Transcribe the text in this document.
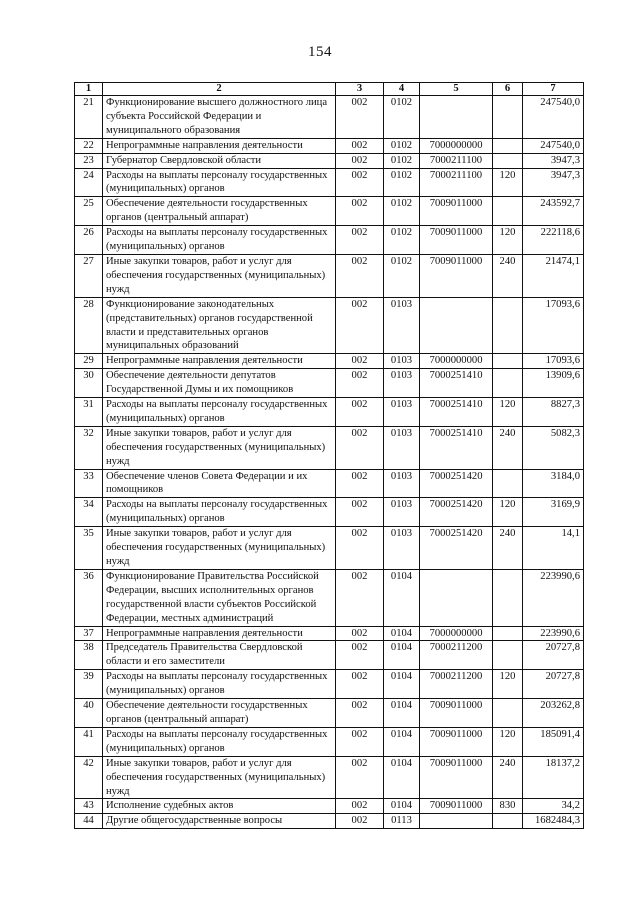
154
1	2	3	4	5	6	7
21	Функционирование высшего должностного лица субъекта Российской Федерации и муниципального образования	002	0102			247540,0
22	Непрограммные направления деятельности	002	0102	7000000000		247540,0
23	Губернатор Свердловской области	002	0102	7000211100		3947,3
24	Расходы на выплаты персоналу государственных (муниципальных) органов	002	0102	7000211100	120	3947,3
25	Обеспечение деятельности государственных органов (центральный аппарат)	002	0102	7009011000		243592,7
26	Расходы на выплаты персоналу государственных (муниципальных) органов	002	0102	7009011000	120	222118,6
27	Иные закупки товаров, работ и услуг для обеспечения государственных (муниципальных) нужд	002	0102	7009011000	240	21474,1
28	Функционирование законодательных (представительных) органов государственной власти и представительных органов муниципальных образований	002	0103			17093,6
29	Непрограммные направления деятельности	002	0103	7000000000		17093,6
30	Обеспечение деятельности депутатов Государственной Думы и их помощников	002	0103	7000251410		13909,6
31	Расходы на выплаты персоналу государственных (муниципальных) органов	002	0103	7000251410	120	8827,3
32	Иные закупки товаров, работ и услуг для обеспечения государственных (муниципальных) нужд	002	0103	7000251410	240	5082,3
33	Обеспечение членов Совета Федерации и их помощников	002	0103	7000251420		3184,0
34	Расходы на выплаты персоналу государственных (муниципальных) органов	002	0103	7000251420	120	3169,9
35	Иные закупки товаров, работ и услуг для обеспечения государственных (муниципальных) нужд	002	0103	7000251420	240	14,1
36	Функционирование Правительства Российской Федерации, высших исполнительных органов государственной власти субъектов Российской Федерации, местных администраций	002	0104			223990,6
37	Непрограммные направления деятельности	002	0104	7000000000		223990,6
38	Председатель Правительства Свердловской области и его заместители	002	0104	7000211200		20727,8
39	Расходы на выплаты персоналу государственных (муниципальных) органов	002	0104	7000211200	120	20727,8
40	Обеспечение деятельности государственных органов (центральный аппарат)	002	0104	7009011000		203262,8
41	Расходы на выплаты персоналу государственных (муниципальных) органов	002	0104	7009011000	120	185091,4
42	Иные закупки товаров, работ и услуг для обеспечения государственных (муниципальных) нужд	002	0104	7009011000	240	18137,2
43	Исполнение судебных актов	002	0104	7009011000	830	34,2
44	Другие общегосударственные вопросы	002	0113			1682484,3
